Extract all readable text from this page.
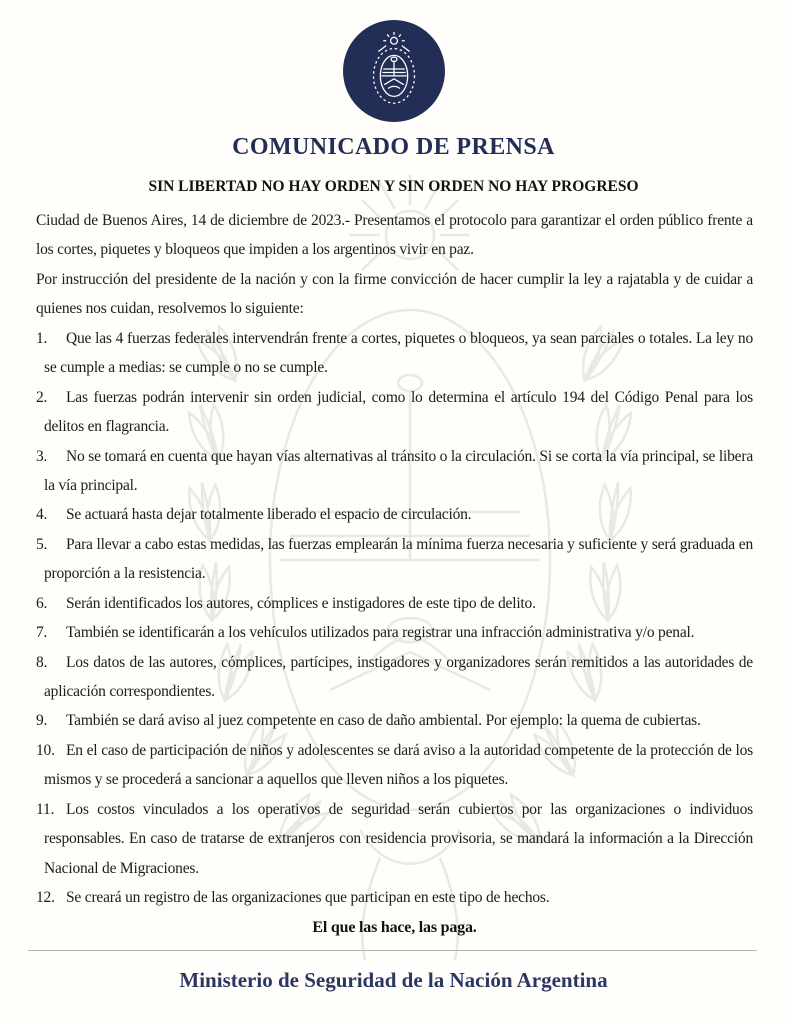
COMUNICADO DE PRENSA
SIN LIBERTAD NO HAY ORDEN Y SIN ORDEN NO HAY PROGRESO

Ciudad de Buenos Aires, 14 de diciembre de 2023.- Presentamos el protocolo para garantizar el orden público frente a los cortes, piquetes y bloqueos que impiden a los argentinos vivir en paz.

Por instrucción del presidente de la nación y con la firme convicción de hacer cumplir la ley a rajatabla y de cuidar a quienes nos cuidan, resolvemos lo siguiente:

1. Que las 4 fuerzas federales intervendrán frente a cortes, piquetes o bloqueos, ya sean parciales o totales. La ley no se cumple a medias: se cumple o no se cumple.

2. Las fuerzas podrán intervenir sin orden judicial, como lo determina el artículo 194 del Código Penal para los delitos en flagrancia.

3. No se tomará en cuenta que hayan vías alternativas al tránsito o la circulación. Si se corta la vía principal, se libera la vía principal.

4. Se actuará hasta dejar totalmente liberado el espacio de circulación.

5. Para llevar a cabo estas medidas, las fuerzas emplearán la mínima fuerza necesaria y suficiente y será graduada en proporción a la resistencia.

6. Serán identificados los autores, cómplices e instigadores de este tipo de delito.

7. También se identificarán a los vehículos utilizados para registrar una infracción administrativa y/o penal.

8. Los datos de las autores, cómplices, partícipes, instigadores y organizadores serán remitidos a las autoridades de aplicación correspondientes.

9. También se dará aviso al juez competente en caso de daño ambiental. Por ejemplo: la quema de cubiertas.

10. En el caso de participación de niños y adolescentes se dará aviso a la autoridad competente de la protección de los mismos y se procederá a sancionar a aquellos que lleven niños a los piquetes.

11. Los costos vinculados a los operativos de seguridad serán cubiertos por las organizaciones o individuos responsables. En caso de tratarse de extranjeros con residencia provisoria, se mandará la información a la Dirección Nacional de Migraciones.

12. Se creará un registro de las organizaciones que participan en este tipo de hechos.

El que las hace, las paga.

Ministerio de Seguridad de la Nación Argentina
